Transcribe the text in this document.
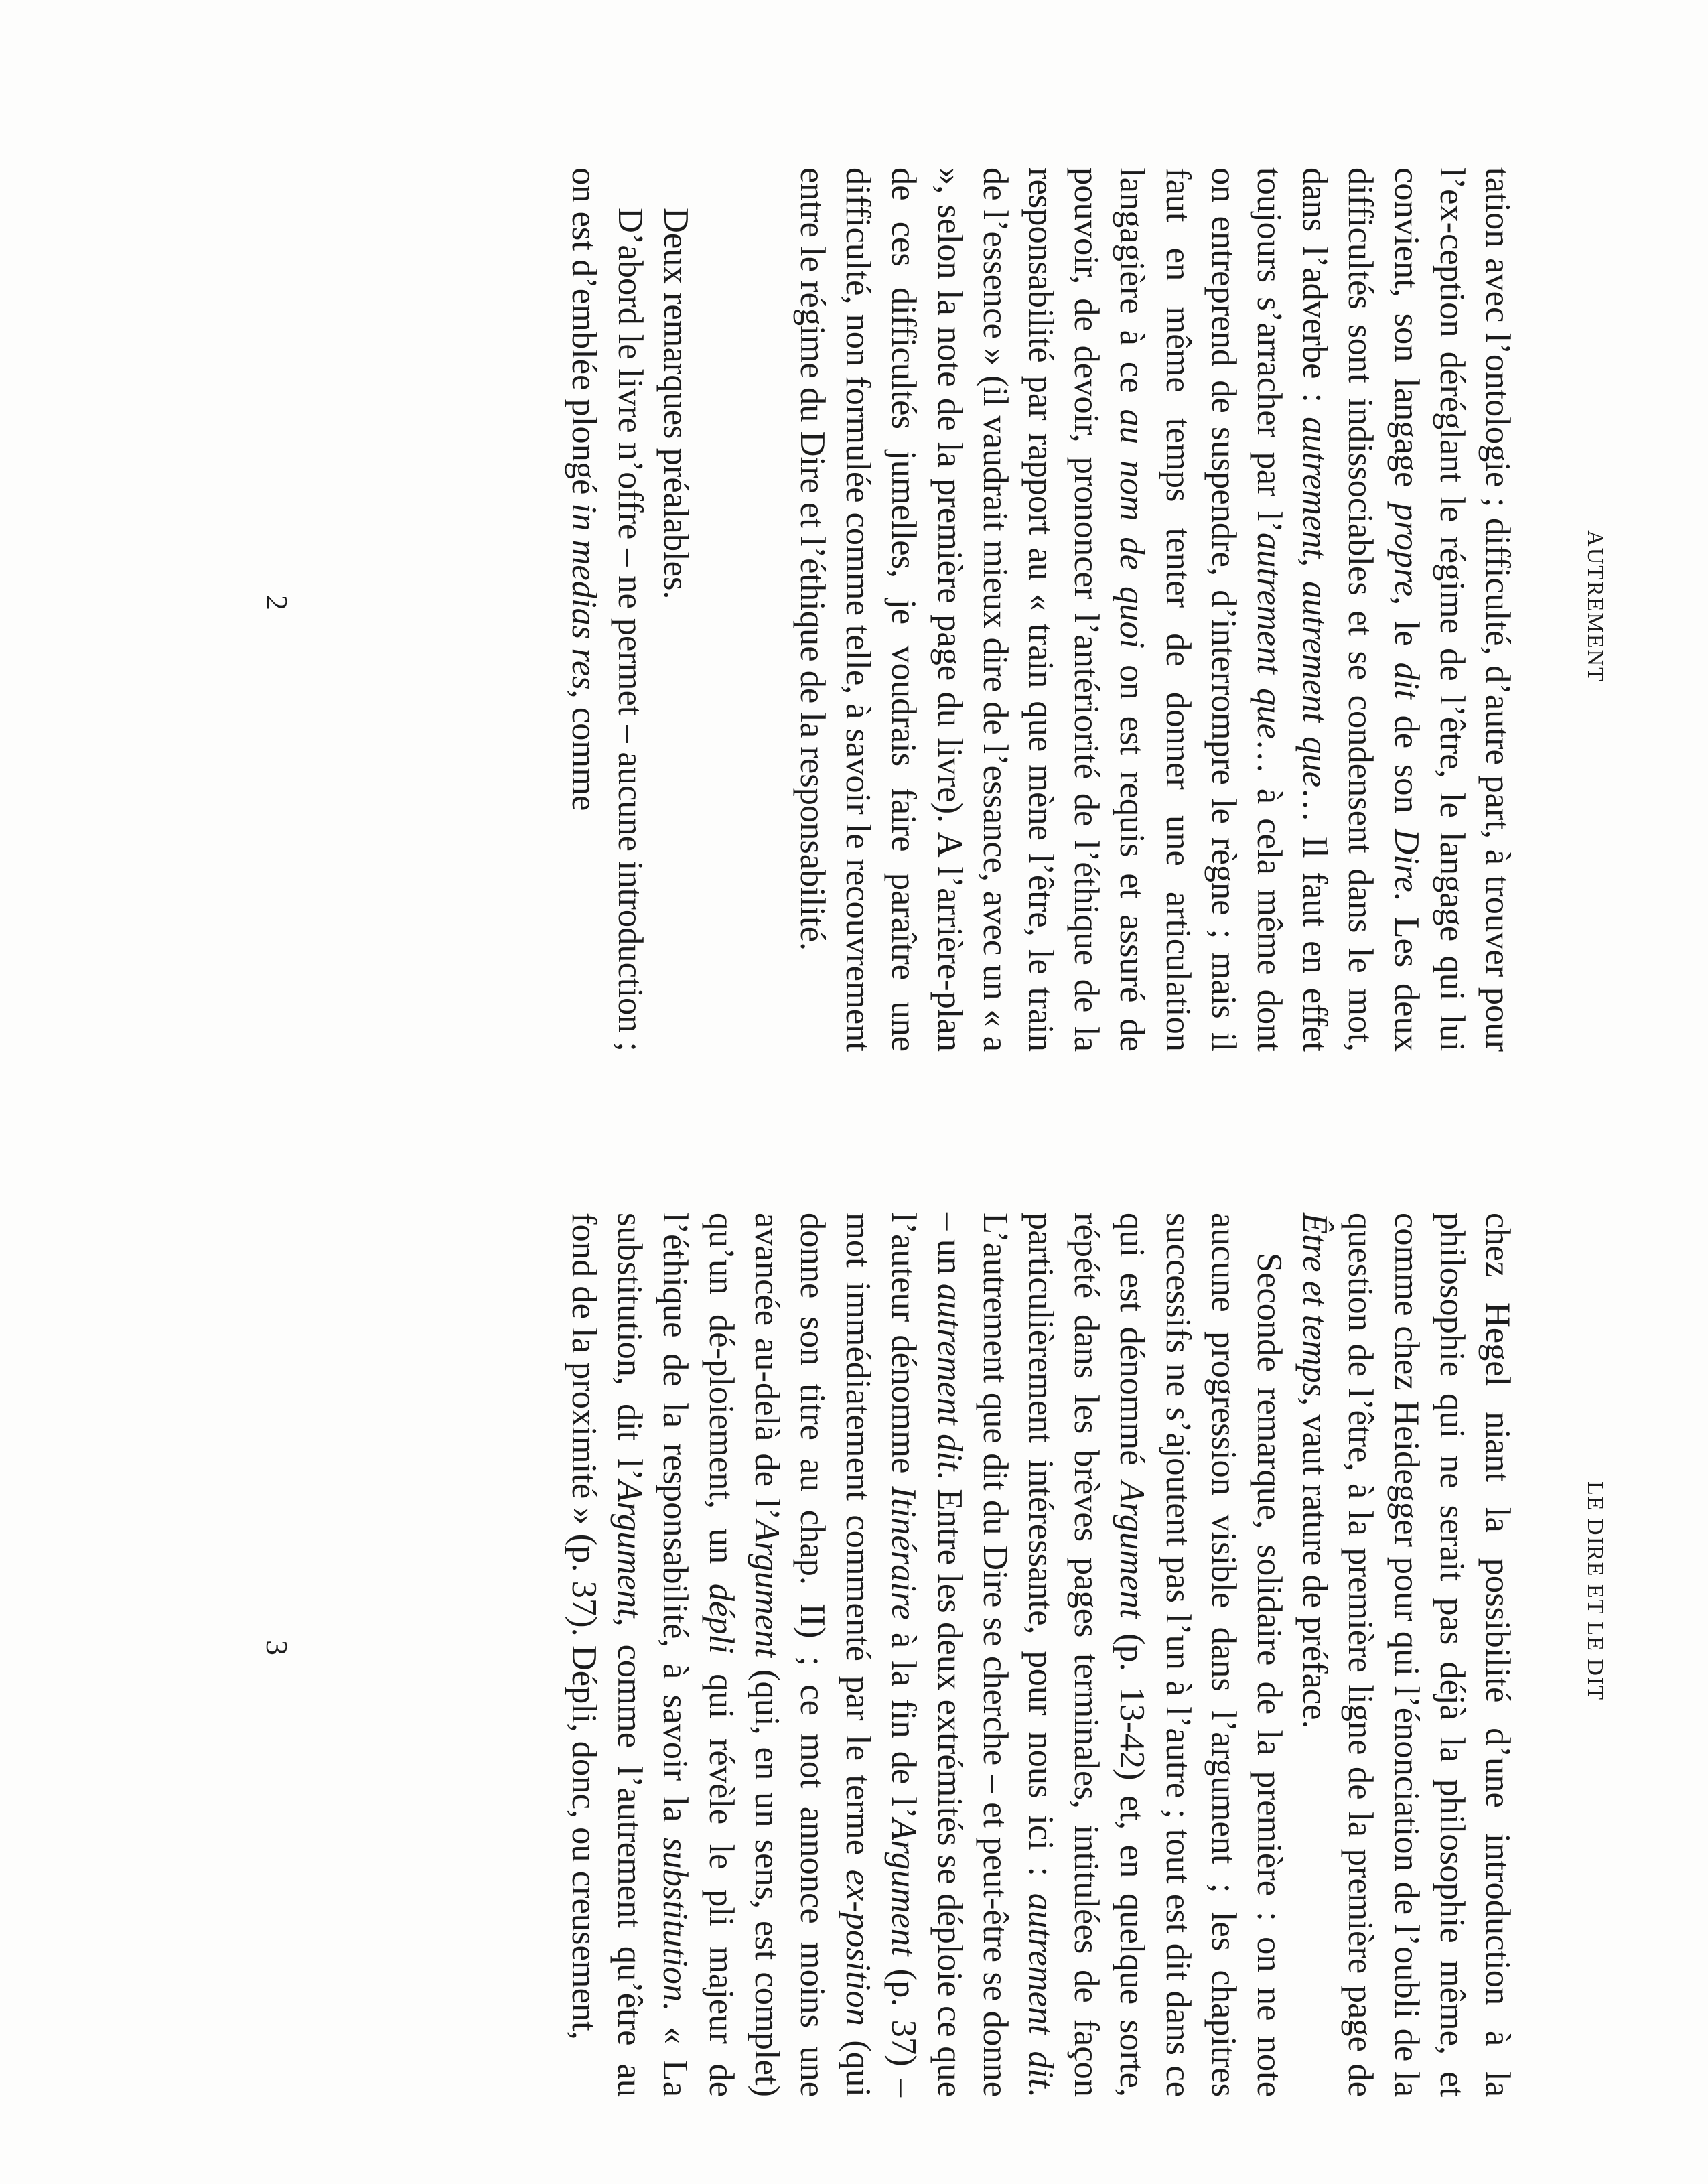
AUTREMENT

tation avec l’ontologie ; difficulté, d’autre part, à trouver pour l’ex-ception déréglant le régime de l’être, le langage qui lui convient, son langage propre, le dit de son Dire. Les deux difficultés sont indissociables et se condensent dans le mot, dans l’adverbe : autrement, autrement que… Il faut en effet toujours s’arracher par l’autrement que… à cela même dont on entreprend de suspendre, d’interrompre le règne ; mais il faut en même temps tenter de donner une articulation langagière à ce au nom de quoi on est requis et assuré de pouvoir, de devoir, prononcer l’antériorité de l’éthique de la responsabilité par rapport au « train que mène l’être, le train de l’essence » (il vaudrait mieux dire de l’essance, avec un « a », selon la note de la première page du livre). A l’arrière-plan de ces difficultés jumelles, je voudrais faire paraître une difficulté, non formulée comme telle, à savoir le recouvrement entre le régime du Dire et l’éthique de la responsabilité.

Deux remarques préalables.

D’abord le livre n’offre – ne permet – aucune introduction ; on est d’emblée plongé in medias res, comme

2
LE DIRE ET LE DIT

chez Hegel niant la possibilité d’une introduction à la philosophie qui ne serait pas déjà la philosophie même, et comme chez Heidegger pour qui l’énonciation de l’oubli de la question de l’être, à la première ligne de la première page de Être et temps, vaut rature de préface.

Seconde remarque, solidaire de la première : on ne note aucune progression visible dans l’argument ; les chapitres successifs ne s’ajoutent pas l’un à l’autre ; tout est dit dans ce qui est dénommé Argument (p. 13-42) et, en quelque sorte, répété dans les brèves pages terminales, intitulées de façon particulièrement intéressante, pour nous ici : autrement dit. L’autrement que dit du Dire se cherche – et peut-être se donne – un autrement dit. Entre les deux extrémités se déploie ce que l’auteur dénomme Itinéraire à la fin de l’Argument (p. 37) – mot immédiatement commenté par le terme ex-position (qui donne son titre au chap. II) ; ce mot annonce moins une avancée au-delà de l’Argument (qui, en un sens, est complet) qu’un dé-ploiement, un dépli qui révèle le pli majeur de l’éthique de la responsabilité, à savoir la substitution. « La substitution, dit l’Argument, comme l’autrement qu’être au fond de la proximité » (p. 37). Dépli, donc, ou creusement,

3
